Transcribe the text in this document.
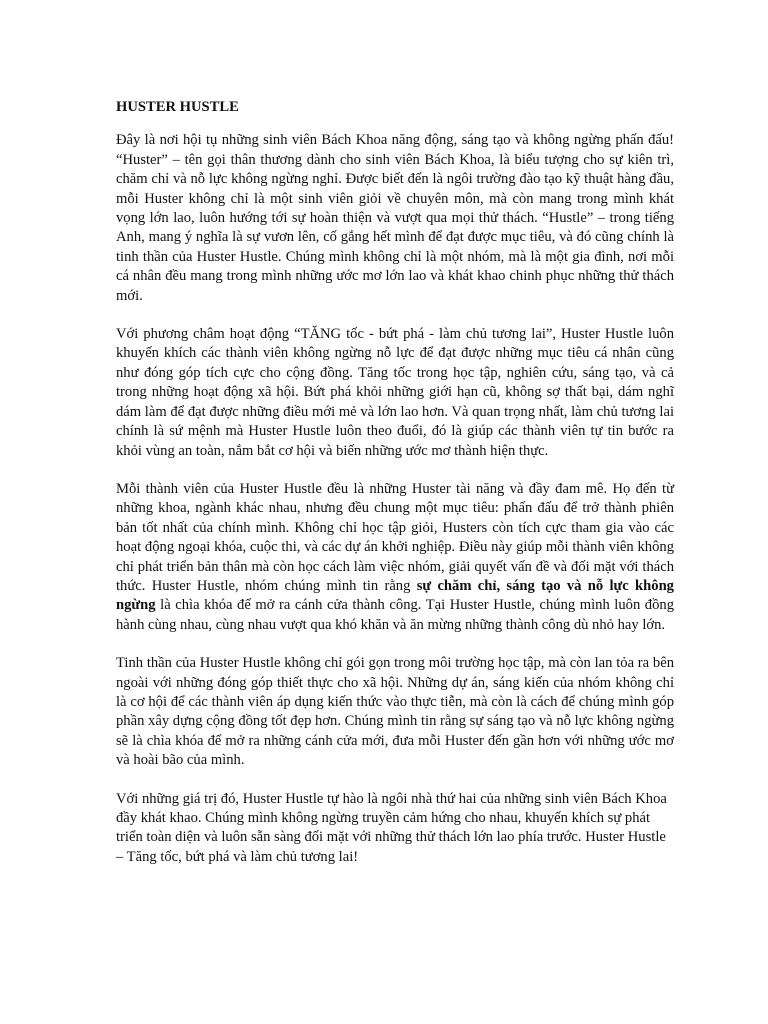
HUSTER HUSTLE

Đây là nơi hội tụ những sinh viên Bách Khoa năng động, sáng tạo và không ngừng phấn đấu! “Huster” – tên gọi thân thương dành cho sinh viên Bách Khoa, là biểu tượng cho sự kiên trì, chăm chỉ và nỗ lực không ngừng nghỉ. Được biết đến là ngôi trường đào tạo kỹ thuật hàng đầu, mỗi Huster không chỉ là một sinh viên giỏi về chuyên môn, mà còn mang trong mình khát vọng lớn lao, luôn hướng tới sự hoàn thiện và vượt qua mọi thử thách. “Hustle” – trong tiếng Anh, mang ý nghĩa là sự vươn lên, cố gắng hết mình để đạt được mục tiêu, và đó cũng chính là tinh thần của Huster Hustle. Chúng mình không chỉ là một nhóm, mà là một gia đình, nơi mỗi cá nhân đều mang trong mình những ước mơ lớn lao và khát khao chinh phục những thử thách mới.

Với phương châm hoạt động “TĂNG tốc - bứt phá - làm chủ tương lai”, Huster Hustle luôn khuyến khích các thành viên không ngừng nỗ lực để đạt được những mục tiêu cá nhân cũng như đóng góp tích cực cho cộng đồng. Tăng tốc trong học tập, nghiên cứu, sáng tạo, và cả trong những hoạt động xã hội. Bứt phá khỏi những giới hạn cũ, không sợ thất bại, dám nghĩ dám làm để đạt được những điều mới mẻ và lớn lao hơn. Và quan trọng nhất, làm chủ tương lai chính là sứ mệnh mà Huster Hustle luôn theo đuổi, đó là giúp các thành viên tự tin bước ra khỏi vùng an toàn, nắm bắt cơ hội và biến những ước mơ thành hiện thực.

Mỗi thành viên của Huster Hustle đều là những Huster tài năng và đầy đam mê. Họ đến từ những khoa, ngành khác nhau, nhưng đều chung một mục tiêu: phấn đấu để trở thành phiên bản tốt nhất của chính mình. Không chỉ học tập giỏi, Husters còn tích cực tham gia vào các hoạt động ngoại khóa, cuộc thi, và các dự án khởi nghiệp. Điều này giúp mỗi thành viên không chỉ phát triển bản thân mà còn học cách làm việc nhóm, giải quyết vấn đề và đối mặt với thách thức. Huster Hustle, nhóm chúng mình tin rằng sự chăm chỉ, sáng tạo và nỗ lực không ngừng là chìa khóa để mở ra cánh cửa thành công. Tại Huster Hustle, chúng mình luôn đồng hành cùng nhau, cùng nhau vượt qua khó khăn và ăn mừng những thành công dù nhỏ hay lớn.

Tinh thần của Huster Hustle không chỉ gói gọn trong môi trường học tập, mà còn lan tỏa ra bên ngoài với những đóng góp thiết thực cho xã hội. Những dự án, sáng kiến của nhóm không chỉ là cơ hội để các thành viên áp dụng kiến thức vào thực tiễn, mà còn là cách để chúng mình góp phần xây dựng cộng đồng tốt đẹp hơn. Chúng mình tin rằng sự sáng tạo và nỗ lực không ngừng sẽ là chìa khóa để mở ra những cánh cửa mới, đưa mỗi Huster đến gần hơn với những ước mơ và hoài bão của mình.

Với những giá trị đó, Huster Hustle tự hào là ngôi nhà thứ hai của những sinh viên Bách Khoa đầy khát khao. Chúng mình không ngừng truyền cảm hứng cho nhau, khuyến khích sự phát triển toàn diện và luôn sẵn sàng đối mặt với những thử thách lớn lao phía trước. Huster Hustle – Tăng tốc, bứt phá và làm chủ tương lai!
